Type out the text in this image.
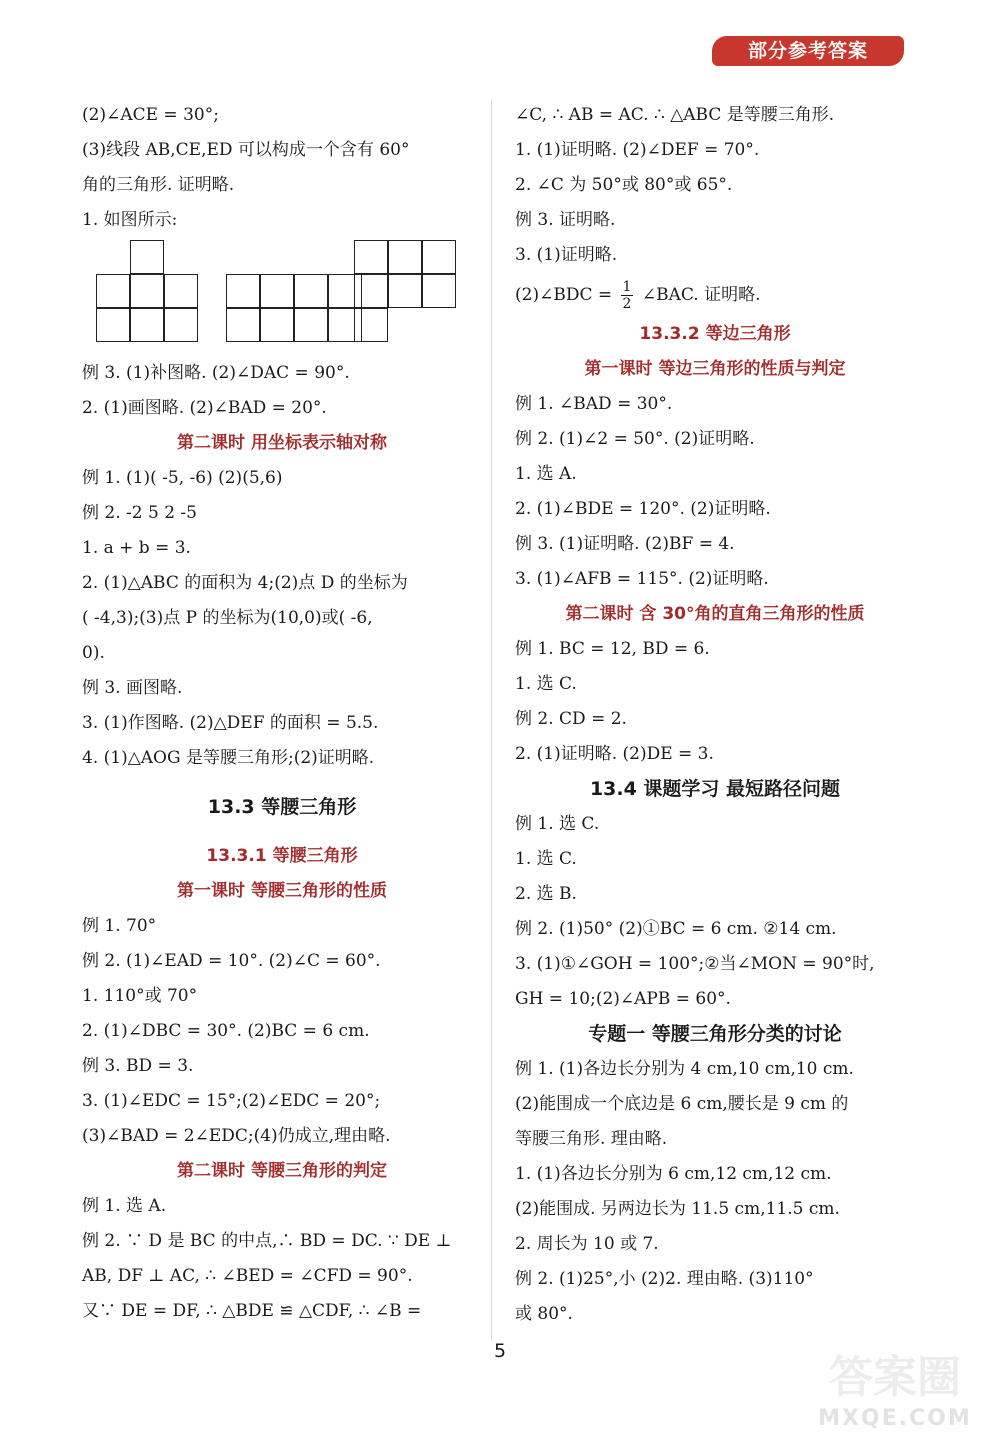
部分参考答案
(2)∠ACE = 30°;
(3)线段 AB,CE,ED 可以构成一个含有 60°
角的三角形. 证明略.
1. 如图所示:
例 3. (1)补图略. (2)∠DAC = 90°.
2. (1)画图略. (2)∠BAD = 20°.
第二课时 用坐标表示轴对称
例 1. (1)( -5, -6) (2)(5,6)
例 2. -2 5 2 -5
1. a + b = 3.
2. (1)△ABC 的面积为 4;(2)点 D 的坐标为
( -4,3);(3)点 P 的坐标为(10,0)或( -6,
0).
例 3. 画图略.
3. (1)作图略. (2)△DEF 的面积 = 5.5.
4. (1)△AOG 是等腰三角形;(2)证明略.
13.3 等腰三角形
13.3.1 等腰三角形
第一课时 等腰三角形的性质
例 1. 70°
例 2. (1)∠EAD = 10°. (2)∠C = 60°.
1. 110°或 70°
2. (1)∠DBC = 30°. (2)BC = 6 cm.
例 3. BD = 3.
3. (1)∠EDC = 15°;(2)∠EDC = 20°;
(3)∠BAD = 2∠EDC;(4)仍成立,理由略.
第二课时 等腰三角形的判定
例 1. 选 A.
例 2. ∵ D 是 BC 的中点,∴ BD = DC. ∵ DE ⊥
AB, DF ⊥ AC, ∴ ∠BED = ∠CFD = 90°.
又∵ DE = DF, ∴ △BDE ≌ △CDF, ∴ ∠B =
∠C, ∴ AB = AC. ∴ △ABC 是等腰三角形.
1. (1)证明略. (2)∠DEF = 70°.
2. ∠C 为 50°或 80°或 65°.
例 3. 证明略.
3. (1)证明略.
(2)∠BDC = $\frac{1}{2}$ ∠BAC. 证明略.
13.3.2 等边三角形
第一课时 等边三角形的性质与判定
例 1. ∠BAD = 30°.
例 2. (1)∠2 = 50°. (2)证明略.
1. 选 A.
2. (1)∠BDE = 120°. (2)证明略.
例 3. (1)证明略. (2)BF = 4.
3. (1)∠AFB = 115°. (2)证明略.
第二课时 含 30°角的直角三角形的性质
例 1. BC = 12, BD = 6.
1. 选 C.
例 2. CD = 2.
2. (1)证明略. (2)DE = 3.
13.4 课题学习 最短路径问题
例 1. 选 C.
1. 选 C.
2. 选 B.
例 2. (1)50° (2)①BC = 6 cm. ②14 cm.
3. (1)①∠GOH = 100°;②当∠MON = 90°时,
GH = 10;(2)∠APB = 60°.
专题一 等腰三角形分类的讨论
例 1. (1)各边长分别为 4 cm,10 cm,10 cm.
(2)能围成一个底边是 6 cm,腰长是 9 cm 的
等腰三角形. 理由略.
1. (1)各边长分别为 6 cm,12 cm,12 cm.
(2)能围成. 另两边长为 11.5 cm,11.5 cm.
2. 周长为 10 或 7.
例 2. (1)25°,小 (2)2. 理由略. (3)110°
或 80°.
5
答案圈
MXQE.COM
